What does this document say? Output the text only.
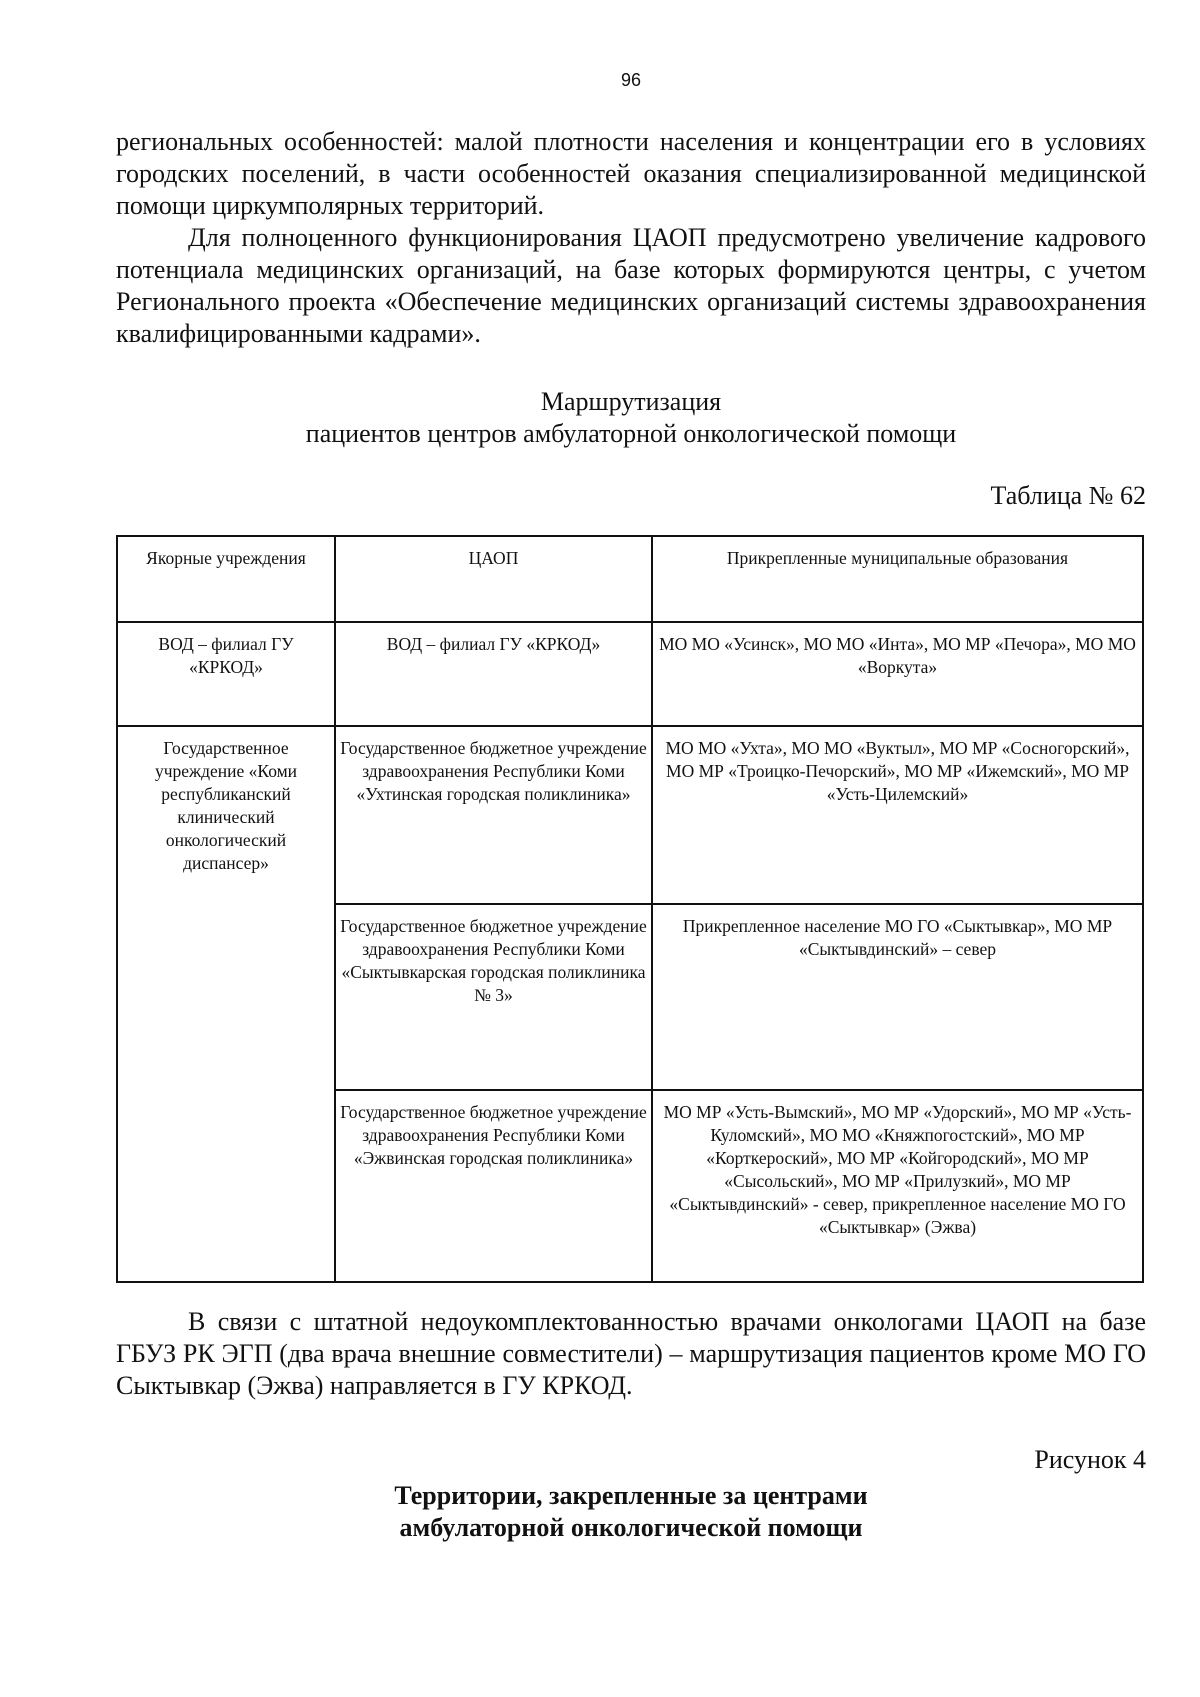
96

региональных особенностей: малой плотности населения и концентрации его в условиях городских поселений, в части особенностей оказания специализированной медицинской помощи циркумполярных территорий.

Для полноценного функционирования ЦАОП предусмотрено увеличение кадрового потенциала медицинских организаций, на базе которых формируются центры, с учетом Регионального проекта «Обеспечение медицинских организаций системы здравоохранения квалифицированными кадрами».

Маршрутизация
пациентов центров амбулаторной онкологической помощи
Таблица № 62
Якорные учреждения	ЦАОП	Прикрепленные муниципальные образования
ВОД – филиал ГУ «КРКОД»	ВОД – филиал ГУ «КРКОД»	МО МО «Усинск», МО МО «Инта», МО МР «Печора», МО МО «Воркута»
Государственное учреждение «Коми республиканский клинический онкологический диспансер»	Государственное бюджетное учреждение здравоохранения Республики Коми «Ухтинская городская поликлиника»	МО МО «Ухта», МО МО «Вуктыл», МО МР «Сосногорский», МО МР «Троицко-Печорский», МО МР «Ижемский», МО МР «Усть-Цилемский»
	Государственное бюджетное учреждение здравоохранения Республики Коми «Сыктывкарская городская поликлиника № 3»	Прикрепленное население МО ГО «Сыктывкар», МО МР «Сыктывдинский» – север
	Государственное бюджетное учреждение здравоохранения Республики Коми «Эжвинская городская поликлиника»	МО МР «Усть-Вымский», МО МР «Удорский», МО МР «Усть-Куломский», МО МО «Княжпогостский», МО МР «Корткероский», МО МР «Койгородский», МО МР «Сысольский», МО МР «Прилузкий», МО МР «Сыктывдинский» - север, прикрепленное население МО ГО «Сыктывкар» (Эжва)

В связи с штатной недоукомплектованностью врачами онкологами ЦАОП на базе ГБУЗ РК ЭГП (два врача внешние совместители) – маршрутизация пациентов кроме МО ГО Сыктывкар (Эжва) направляется в ГУ КРКОД.

Рисунок 4
Территории, закрепленные за центрами
амбулаторной онкологической помощи
